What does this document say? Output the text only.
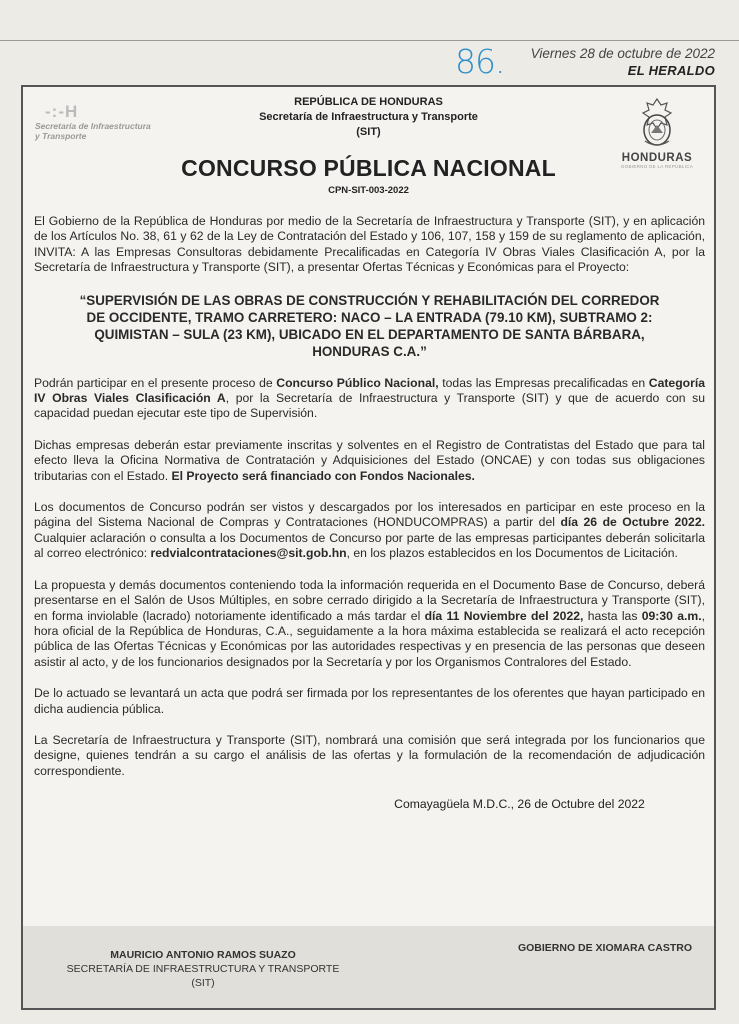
86. Viernes 28 de octubre de 2022
EL HERALDO
-:-H
Secretaría de Infraestructura
y Transporte
HONDURAS
GOBIERNO DE LA REPÚBLICA
REPÚBLICA DE HONDURAS
Secretaría de Infraestructura y Transporte
(SIT)
CONCURSO PÚBLICA NACIONAL
CPN-SIT-003-2022

El Gobierno de la República de Honduras por medio de la Secretaría de Infraestructura y Transporte (SIT), y en aplicación de los Artículos No. 38, 61 y 62 de la Ley de Contratación del Estado y 106, 107, 158 y 159 de su reglamento de aplicación, INVITA: A las Empresas Consultoras debidamente Precalificadas en Categoría IV Obras Viales Clasificación A, por la Secretaría de Infraestructura y Transporte (SIT), a presentar Ofertas Técnicas y Económicas para el Proyecto:

“SUPERVISIÓN DE LAS OBRAS DE CONSTRUCCIÓN Y REHABILITACIÓN DEL CORREDOR DE OCCIDENTE, TRAMO CARRETERO: NACO – LA ENTRADA (79.10 KM), SUBTRAMO 2: QUIMISTAN – SULA (23 KM), UBICADO EN EL DEPARTAMENTO DE SANTA BÁRBARA, HONDURAS C.A.”

Podrán participar en el presente proceso de Concurso Público Nacional, todas las Empresas precalificadas en Categoría IV Obras Viales Clasificación A, por la Secretaría de Infraestructura y Transporte (SIT) y que de acuerdo con su capacidad puedan ejecutar este tipo de Supervisión.

Dichas empresas deberán estar previamente inscritas y solventes en el Registro de Contratistas del Estado que para tal efecto lleva la Oficina Normativa de Contratación y Adquisiciones del Estado (ONCAE) y con todas sus obligaciones tributarias con el Estado. El Proyecto será financiado con Fondos Nacionales.

Los documentos de Concurso podrán ser vistos y descargados por los interesados en participar en este proceso en la página del Sistema Nacional de Compras y Contrataciones (HONDUCOMPRAS) a partir del día 26 de Octubre 2022. Cualquier aclaración o consulta a los Documentos de Concurso por parte de las empresas participantes deberán solicitarla al correo electrónico: redvialcontrataciones@sit.gob.hn, en los plazos establecidos en los Documentos de Licitación.

La propuesta y demás documentos conteniendo toda la información requerida en el Documento Base de Concurso, deberá presentarse en el Salón de Usos Múltiples, en sobre cerrado dirigido a la Secretaría de Infraestructura y Transporte (SIT), en forma inviolable (lacrado) notoriamente identificado a más tardar el día 11 Noviembre del 2022, hasta las 09:30 a.m., hora oficial de la República de Honduras, C.A., seguidamente a la hora máxima establecida se realizará el acto recepción pública de las Ofertas Técnicas y Económicas por las autoridades respectivas y en presencia de las personas que deseen asistir al acto, y de los funcionarios designados por la Secretaría y por los Organismos Contralores del Estado.

De lo actuado se levantará un acta que podrá ser firmada por los representantes de los oferentes que hayan participado en dicha audiencia pública.

La Secretaría de Infraestructura y Transporte (SIT), nombrará una comisión que será integrada por los funcionarios que designe, quienes tendrán a su cargo el análisis de las ofertas y la formulación de la recomendación de adjudicación correspondiente.

Comayagüela M.D.C., 26 de Octubre del 2022
MAURICIO ANTONIO RAMOS SUAZO
SECRETARÍA DE INFRAESTRUCTURA Y TRANSPORTE
(SIT)
GOBIERNO DE XIOMARA CASTRO
